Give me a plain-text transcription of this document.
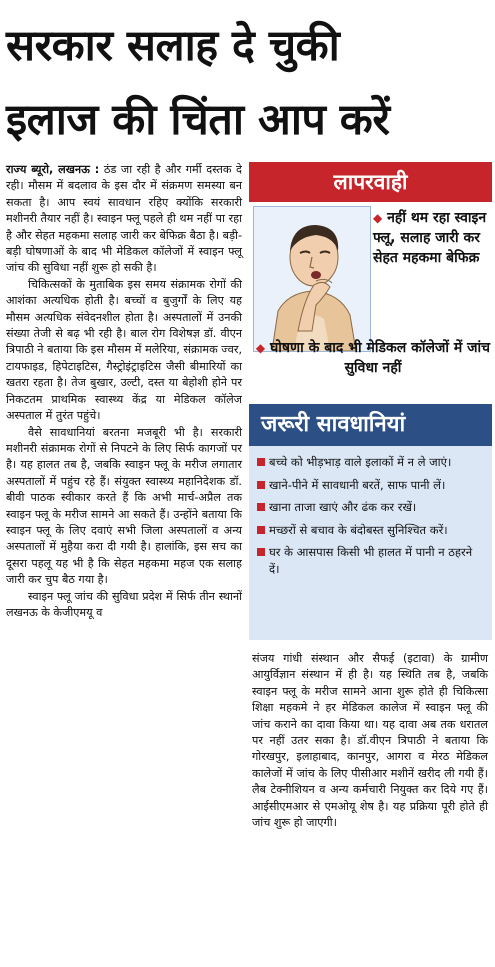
सरकार सलाह दे चुकी
इलाज की चिंता आप करें

राज्य ब्यूरो, लखनऊ : ठंड जा रही है और गर्मी दस्तक दे रही। मौसम में बदलाव के इस दौर में संक्रमण समस्या बन सकता है। आप स्वयं सावधान रहिए क्योंकि सरकारी मशीनरी तैयार नहीं है। स्वाइन फ्लू पहले ही थम नहीं पा रहा है और सेहत महकमा सलाह जारी कर बेफिक्र बैठा है। बड़ी-बड़ी घोषणाओं के बाद भी मेडिकल कॉलेजों में स्वाइन फ्लू जांच की सुविधा नहीं शुरू हो सकी है।

चिकित्सकों के मुताबिक इस समय संक्रामक रोगों की आशंका अत्यधिक होती है। बच्चों व बुजुर्गों के लिए यह मौसम अत्यधिक संवेदनशील होता है। अस्पतालों में उनकी संख्या तेजी से बढ़ भी रही है। बाल रोग विशेषज्ञ डॉ. वीएन त्रिपाठी ने बताया कि इस मौसम में मलेरिया, संक्रामक ज्वर, टायफाइड, हिपेटाइटिस, गैस्ट्रोइंट्राइटिस जैसी बीमारियों का खतरा रहता है। तेज बुखार, उल्टी, दस्त या बेहोशी होने पर निकटतम प्राथमिक स्वास्थ्य केंद्र या मेडिकल कॉलेज अस्पताल में तुरंत पहुंचे।

वैसे सावधानियां बरतना मजबूरी भी है। सरकारी मशीनरी संक्रामक रोगों से निपटने के लिए सिर्फ कागजों पर है। यह हालत तब है, जबकि स्वाइन फ्लू के मरीज लगातार अस्पतालों में पहुंच रहे हैं। संयुक्त स्वास्थ्य महानिदेशक डॉ. बीवी पाठक स्वीकार करते हैं कि अभी मार्च-अप्रैल तक स्वाइन फ्लू के मरीज सामने आ सकते हैं। उन्होंने बताया कि स्वाइन फ्लू के लिए दवाएं सभी जिला अस्पतालों व अन्य अस्पतालों में मुहैया करा दी गयी है। हालांकि, इस सच का दूसरा पहलू यह भी है कि सेहत महकमा महज एक सलाह जारी कर चुप बैठ गया है।

स्वाइन फ्लू जांच की सुविधा प्रदेश में सिर्फ तीन स्थानों लखनऊ के केजीएमयू व

लापरवाही
◆ नहीं थम रहा स्वाइन फ्लू, सलाह जारी कर सेहत महकमा बेफिक्र
◆ घोषणा के बाद भी मेडिकल कॉलेजों में जांच सुविधा नहीं
जरूरी सावधानियां
बच्चे को भीड़भाड़ वाले इलाकों में न ले जाएं।
खाने-पीने में सावधानी बरतें, साफ पानी लें।
खाना ताजा खाएं और ढंक कर रखें।
मच्छरों से बचाव के बंदोबस्त सुनिश्चित करें।
घर के आसपास किसी भी हालत में पानी न ठहरने दें।

संजय गांधी संस्थान और सैफई (इटावा) के ग्रामीण आयुर्विज्ञान संस्थान में ही है। यह स्थिति तब है, जबकि स्वाइन फ्लू के मरीज सामने आना शुरू होते ही चिकित्सा शिक्षा महकमे ने हर मेडिकल कालेज में स्वाइन फ्लू की जांच कराने का दावा किया था। यह दावा अब तक धरातल पर नहीं उतर सका है। डॉ.वीएन त्रिपाठी ने बताया कि गोरखपुर, इलाहाबाद, कानपुर, आगरा व मेरठ मेडिकल कालेजों में जांच के लिए पीसीआर मशीनें खरीद ली गयी हैं। लैब टेक्नीशियन व अन्य कर्मचारी नियुक्त कर दिये गए हैं। आईसीएमआर से एमओयू शेष है। यह प्रक्रिया पूरी होते ही जांच शुरू हो जाएगी।
